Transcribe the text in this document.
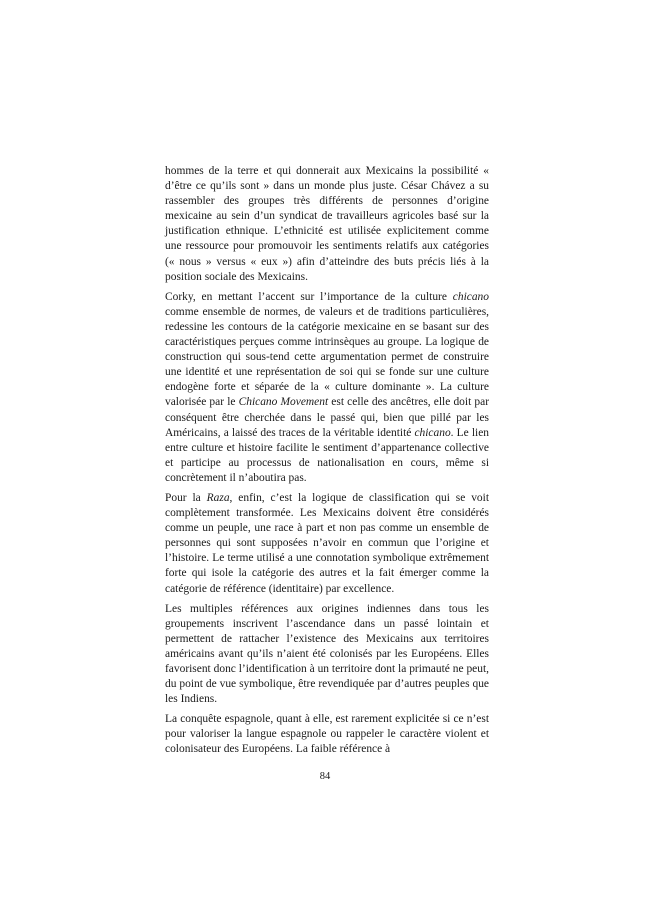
hommes de la terre et qui donnerait aux Mexicains la possibilité « d’être ce qu’ils sont » dans un monde plus juste. César Chávez a su rassembler des groupes très différents de personnes d’origine mexicaine au sein d’un syndicat de travailleurs agricoles basé sur la justification ethnique. L’ethnicité est utilisée explicitement comme une ressource pour promouvoir les sentiments relatifs aux catégories (« nous » versus « eux ») afin d’atteindre des buts précis liés à la position sociale des Mexicains.

Corky, en mettant l’accent sur l’importance de la culture chicano comme ensemble de normes, de valeurs et de traditions particulières, redessine les contours de la catégorie mexicaine en se basant sur des caractéristiques perçues comme intrinsèques au groupe. La logique de construction qui sous-tend cette argumentation permet de construire une identité et une représentation de soi qui se fonde sur une culture endogène forte et séparée de la « culture dominante ». La culture valorisée par le Chicano Movement est celle des ancêtres, elle doit par conséquent être cherchée dans le passé qui, bien que pillé par les Américains, a laissé des traces de la véritable identité chicano. Le lien entre culture et histoire facilite le sentiment d’appartenance collective et participe au processus de nationalisation en cours, même si concrètement il n’aboutira pas.

Pour la Raza, enfin, c’est la logique de classification qui se voit complètement transformée. Les Mexicains doivent être considérés comme un peuple, une race à part et non pas comme un ensemble de personnes qui sont supposées n’avoir en commun que l’origine et l’histoire. Le terme utilisé a une connotation symbolique extrêmement forte qui isole la catégorie des autres et la fait émerger comme la catégorie de référence (identitaire) par excellence.

Les multiples références aux origines indiennes dans tous les groupements inscrivent l’ascendance dans un passé lointain et permettent de rattacher l’existence des Mexicains aux territoires américains avant qu’ils n’aient été colonisés par les Européens. Elles favorisent donc l’identification à un territoire dont la primauté ne peut, du point de vue symbolique, être revendiquée par d’autres peuples que les Indiens.

La conquête espagnole, quant à elle, est rarement explicitée si ce n’est pour valoriser la langue espagnole ou rappeler le caractère violent et colonisateur des Européens. La faible référence à

84
